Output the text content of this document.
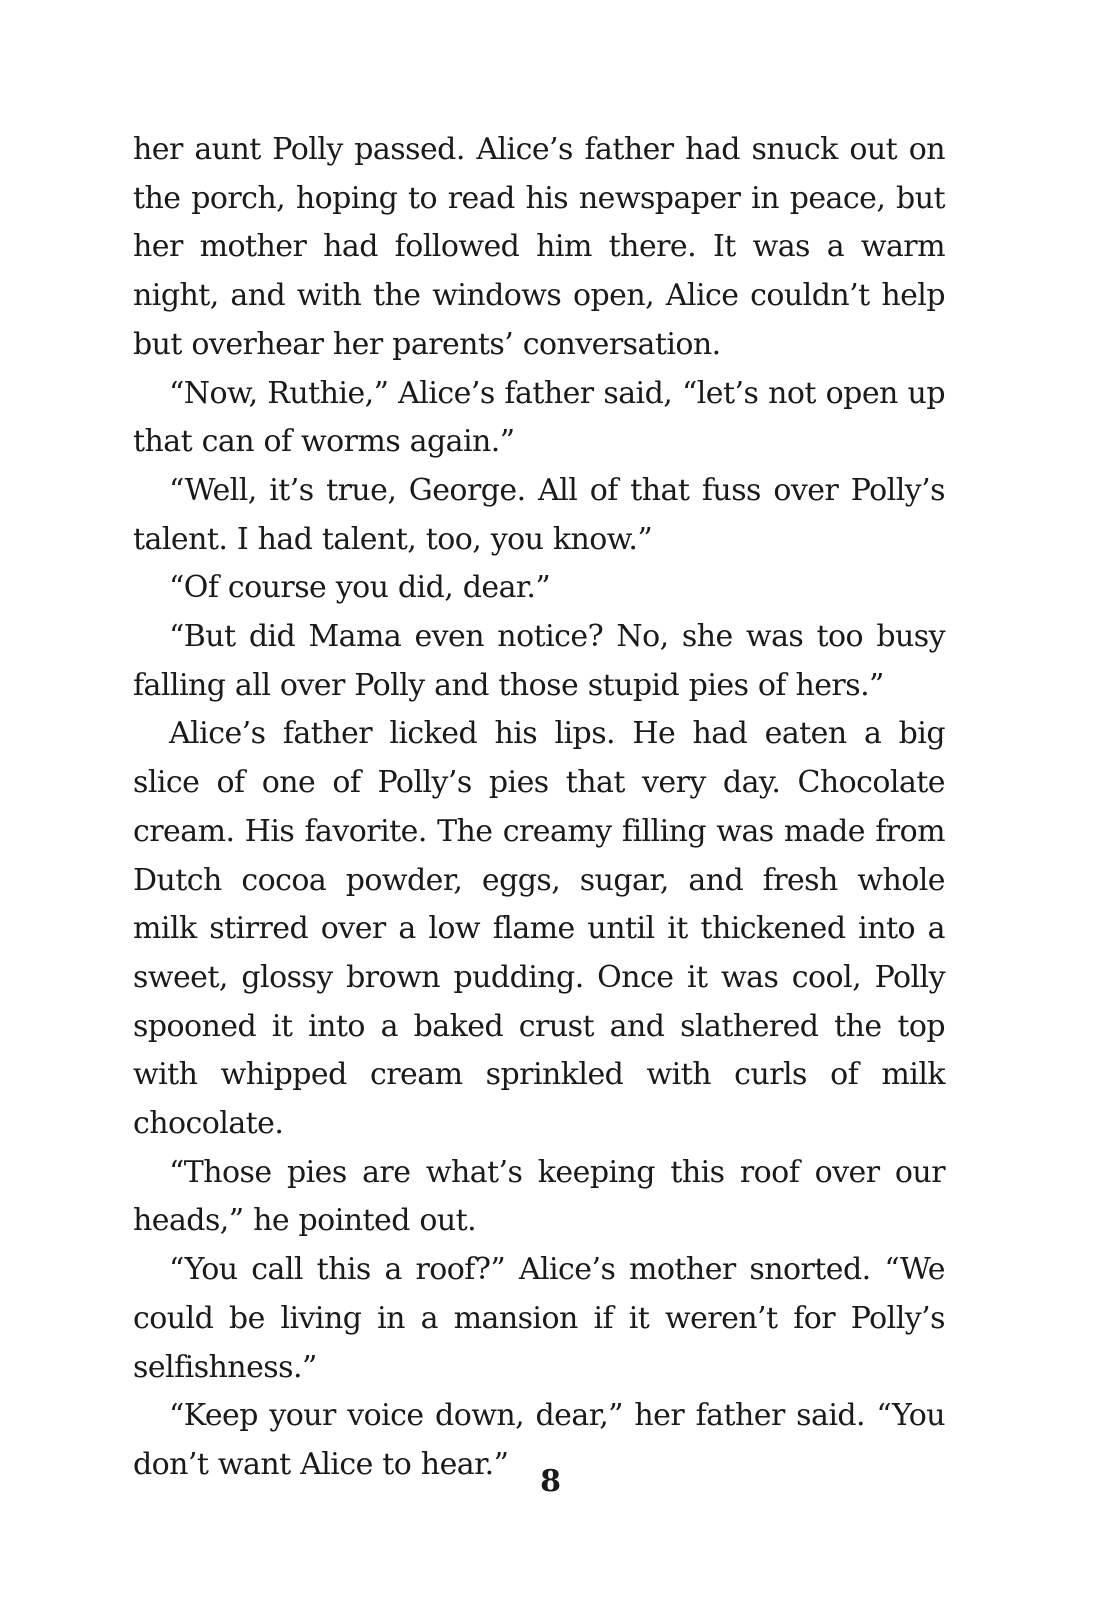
her aunt Polly passed. Alice’s father had snuck out on the porch, hoping to read his newspaper in peace, but her mother had followed him there. It was a warm night, and with the windows open, Alice couldn’t help but overhear her parents’ conversation.

“Now, Ruthie,” Alice’s father said, “let’s not open up that can of worms again.”

“Well, it’s true, George. All of that fuss over Polly’s talent. I had talent, too, you know.”

“Of course you did, dear.”

“But did Mama even notice? No, she was too busy falling all over Polly and those stupid pies of hers.”

Alice’s father licked his lips. He had eaten a big slice of one of Polly’s pies that very day. Chocolate cream. His favorite. The creamy filling was made from Dutch cocoa powder, eggs, sugar, and fresh whole milk stirred over a low flame until it thickened into a sweet, glossy brown pudding. Once it was cool, Polly spooned it into a baked crust and slathered the top with whipped cream sprinkled with curls of milk chocolate.

“Those pies are what’s keeping this roof over our heads,” he pointed out.

“You call this a roof?” Alice’s mother snorted. “We could be living in a mansion if it weren’t for Polly’s selfishness.”

“Keep your voice down, dear,” her father said. “You don’t want Alice to hear.”	8
